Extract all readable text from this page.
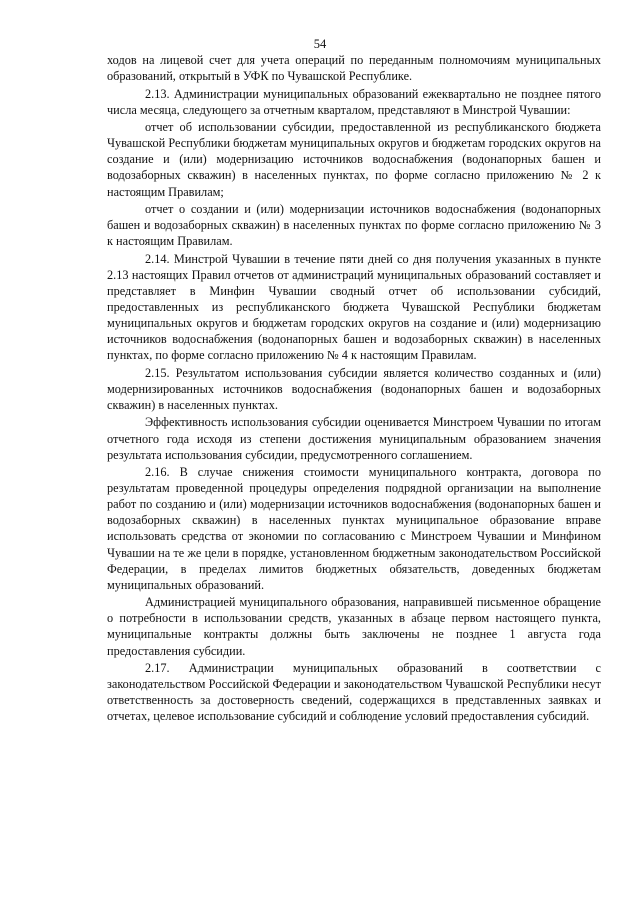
54

ходов на лицевой счет для учета операций по переданным полномочиям муниципальных образований, открытый в УФК по Чувашской Республике.

2.13. Администрации муниципальных образований ежеквартально не позднее пятого числа месяца, следующего за отчетным кварталом, представляют в Минстрой Чувашии:

отчет об использовании субсидии, предоставленной из республиканского бюджета Чувашской Республики бюджетам муниципальных округов и бюджетам городских округов на создание и (или) модернизацию источников водоснабжения (водонапорных башен и водозаборных скважин) в населенных пунктах, по форме согласно приложению № 2 к настоящим Правилам;

отчет о создании и (или) модернизации источников водоснабжения (водонапорных башен и водозаборных скважин) в населенных пунктах по форме согласно приложению № 3 к настоящим Правилам.

2.14. Минстрой Чувашии в течение пяти дней со дня получения указанных в пункте 2.13 настоящих Правил отчетов от администраций муниципальных образований составляет и представляет в Минфин Чувашии сводный отчет об использовании субсидий, предоставленных из республиканского бюджета Чувашской Республики бюджетам муниципальных округов и бюджетам городских округов на создание и (или) модернизацию источников водоснабжения (водонапорных башен и водозаборных скважин) в населенных пунктах, по форме согласно приложению № 4 к настоящим Правилам.

2.15. Результатом использования субсидии является количество созданных и (или) модернизированных источников водоснабжения (водонапорных башен и водозаборных скважин) в населенных пунктах.

Эффективность использования субсидии оценивается Минстроем Чувашии по итогам отчетного года исходя из степени достижения муниципальным образованием значения результата использования субсидии, предусмотренного соглашением.

2.16. В случае снижения стоимости муниципального контракта, договора по результатам проведенной процедуры определения подрядной организации на выполнение работ по созданию и (или) модернизации источников водоснабжения (водонапорных башен и водозаборных скважин) в населенных пунктах муниципальное образование вправе использовать средства от экономии по согласованию с Минстроем Чувашии и Минфином Чувашии на те же цели в порядке, установленном бюджетным законодательством Российской Федерации, в пределах лимитов бюджетных обязательств, доведенных бюджетам муниципальных образований.

Администрацией муниципального образования, направившей письменное обращение о потребности в использовании средств, указанных в абзаце первом настоящего пункта, муниципальные контракты должны быть заключены не позднее 1 августа года предоставления субсидии.

2.17. Администрации муниципальных образований в соответствии с законодательством Российской Федерации и законодательством Чувашской Республики несут ответственность за достоверность сведений, содержащихся в представленных заявках и отчетах, целевое использование субсидий и соблюдение условий предоставления субсидий.
